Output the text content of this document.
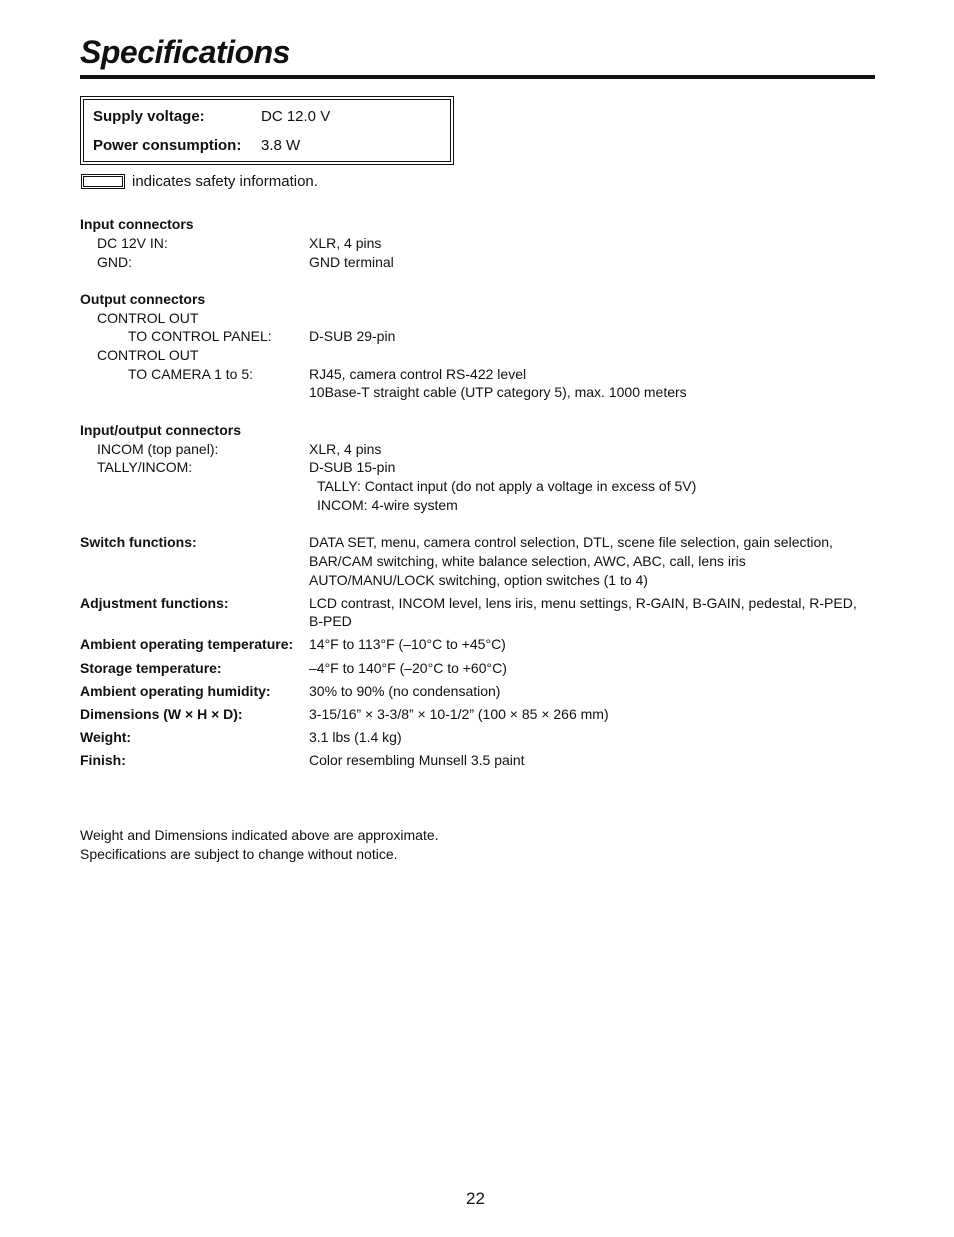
Specifications
Supply voltage:	DC 12.0 V
Power consumption: 3.8 W
indicates safety information.
Input connectors
DC 12V IN:	XLR, 4 pins
GND:	GND terminal
Output connectors
CONTROL OUT
TO CONTROL PANEL:	D-SUB 29-pin
CONTROL OUT
TO CAMERA 1 to 5:	RJ45, camera control RS-422 level
10Base-T straight cable (UTP category 5), max. 1000 meters
Input/output connectors
INCOM (top panel):	XLR, 4 pins
TALLY/INCOM:	D-SUB 15-pin
TALLY: Contact input (do not apply a voltage in excess of 5V)
INCOM: 4-wire system
Switch functions:	DATA SET, menu, camera control selection, DTL, scene file selection, gain selection,
BAR/CAM switching, white balance selection, AWC, ABC, call, lens iris
AUTO/MANU/LOCK switching, option switches (1 to 4)
Adjustment functions:	LCD contrast, INCOM level, lens iris, menu settings, R-GAIN, B-GAIN, pedestal, R-PED,
B-PED
Ambient operating temperature: 14°F to 113°F (–10°C to +45°C)
Storage temperature:	–4°F to 140°F (–20°C to +60°C)
Ambient operating humidity:	30% to 90% (no condensation)
Dimensions (W × H × D):	3-15/16” × 3-3/8” × 10-1/2” (100 × 85 × 266 mm)
Weight:	3.1 lbs (1.4 kg)
Finish:	Color resembling Munsell 3.5 paint
Weight and Dimensions indicated above are approximate.
Specifications are subject to change without notice.
22
